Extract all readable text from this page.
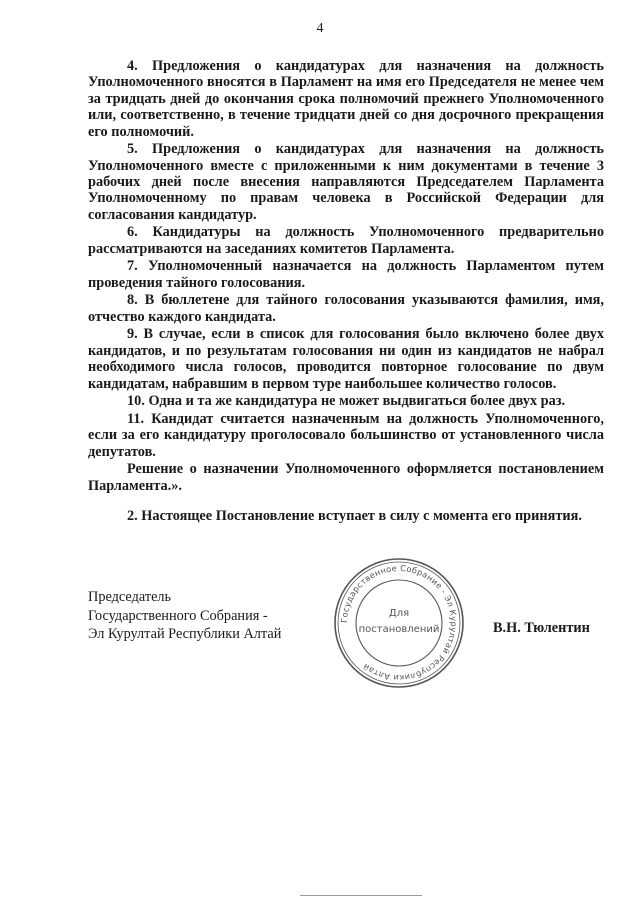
4

4. Предложения о кандидатурах для назначения на должность Уполномоченного вносятся в Парламент на имя его Председателя не менее чем за тридцать дней до окончания срока полномочий прежнего Уполномоченного или, соответственно, в течение тридцати дней со дня досрочного прекращения его полномочий.

5. Предложения о кандидатурах для назначения на должность Уполномоченного вместе с приложенными к ним документами в течение 3 рабочих дней после внесения направляются Председателем Парламента Уполномоченному по правам человека в Российской Федерации для согласования кандидатур.

6. Кандидатуры на должность Уполномоченного предварительно рассматриваются на заседаниях комитетов Парламента.

7. Уполномоченный назначается на должность Парламентом путем проведения тайного голосования.

8. В бюллетене для тайного голосования указываются фамилия, имя, отчество каждого кандидата.

9. В случае, если в список для голосования было включено более двух кандидатов, и по результатам голосования ни один из кандидатов не набрал необходимого числа голосов, проводится повторное голосование по двум кандидатам, набравшим в первом туре наибольшее количество голосов.

10. Одна и та же кандидатура не может выдвигаться более двух раз.

11. Кандидат считается назначенным на должность Уполномоченного, если за его кандидатуру проголосовало большинство от установленного числа депутатов.

Решение о назначении Уполномоченного оформляется постановлением Парламента.».

2. Настоящее Постановление вступает в силу с момента его принятия.

Председатель
Государственного Собрания -
Эл Курултай Республики Алтай
Государственное Собрание - Эл Курултай Республики Алтай
Для
постановлений	В.Н. Тюлентин
